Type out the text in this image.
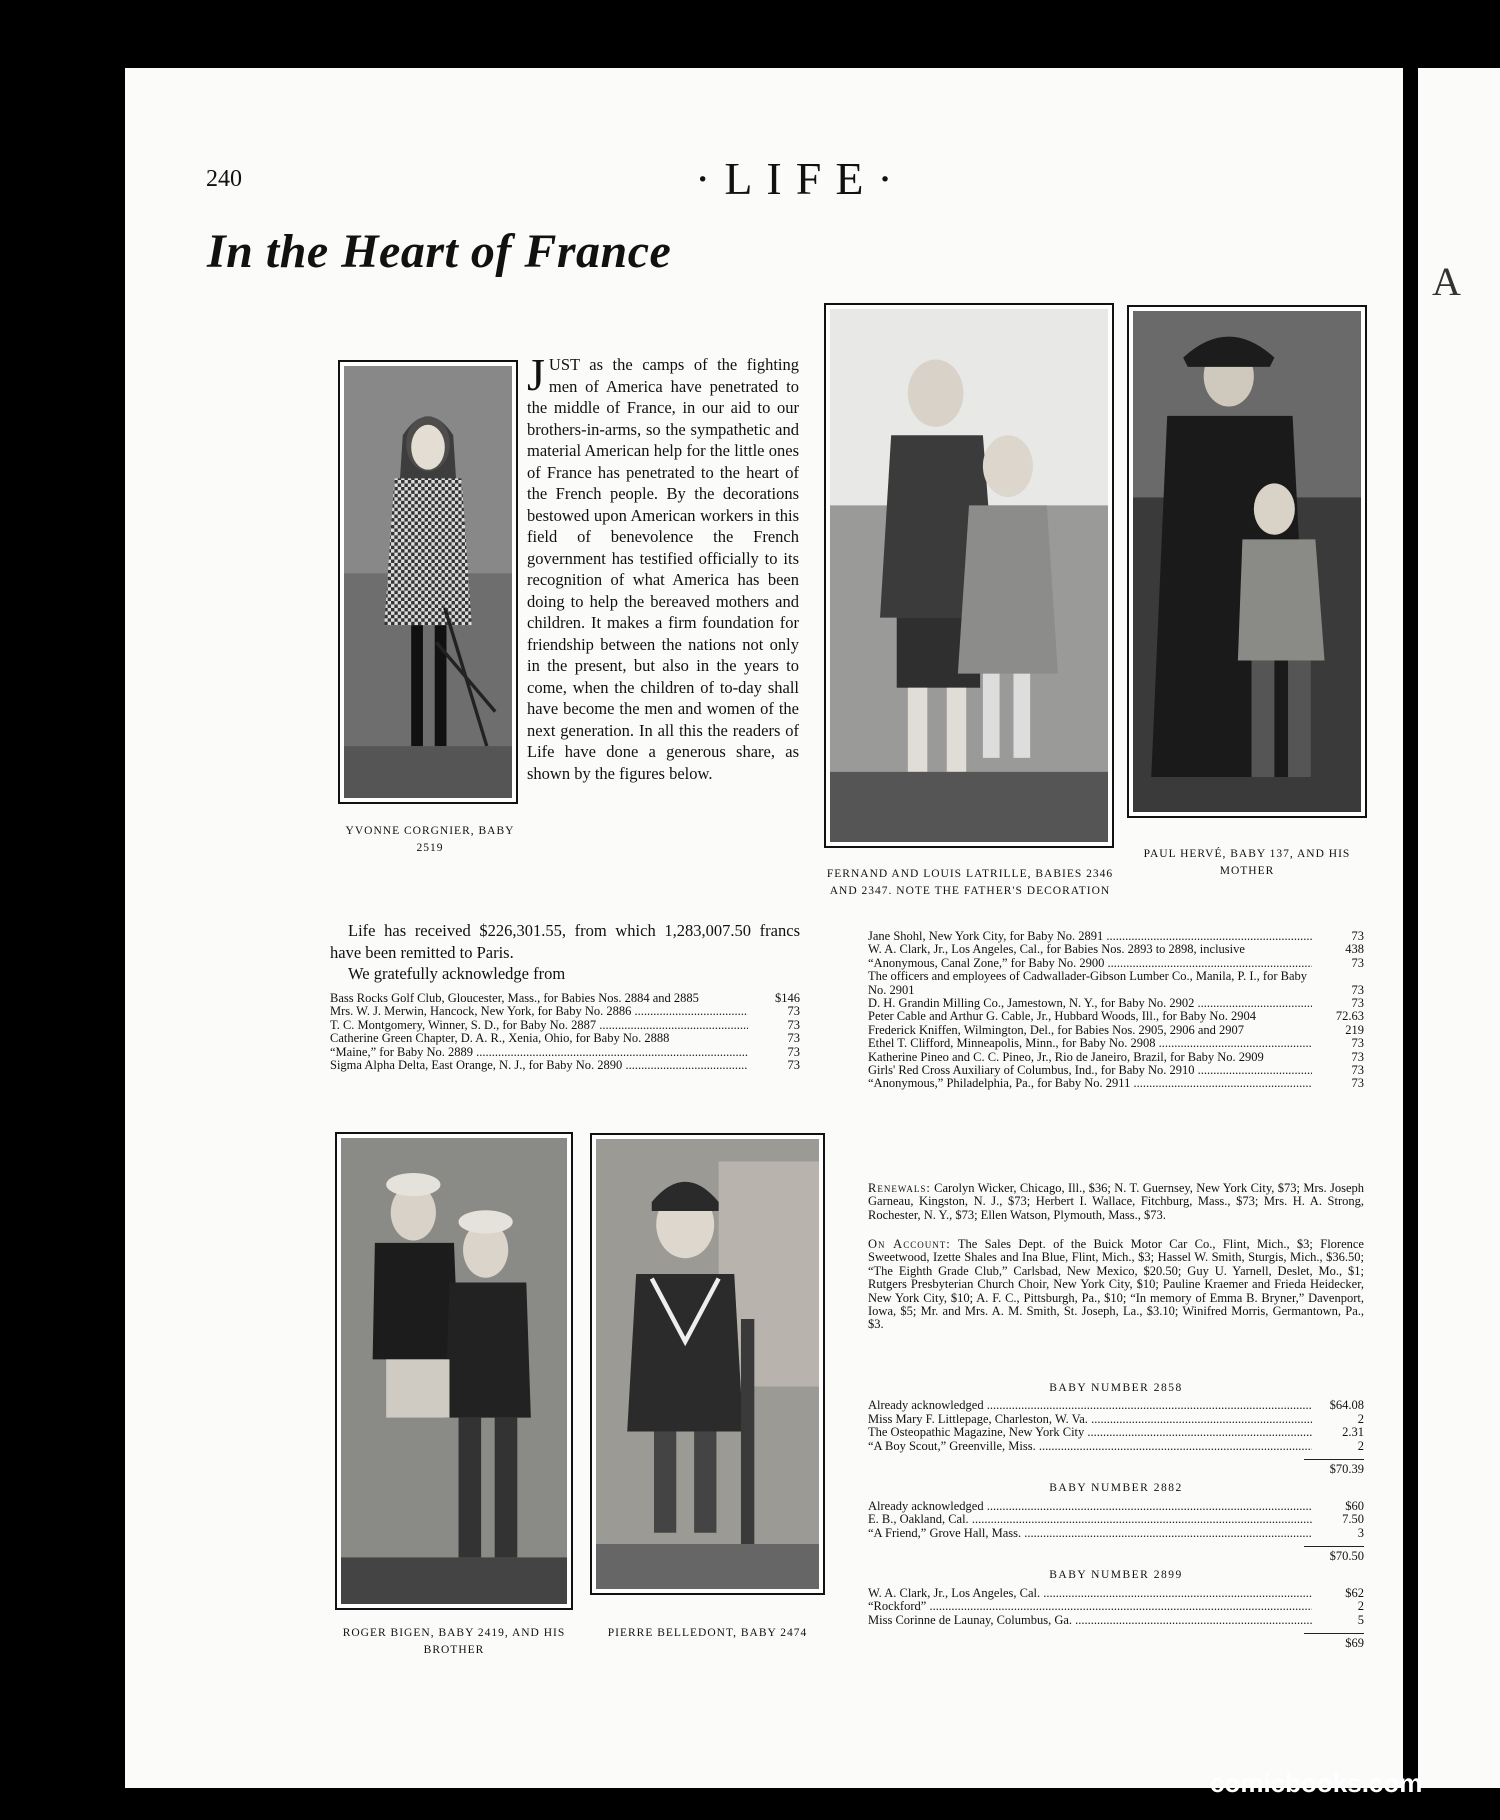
A
240	·LIFE·
In the Heart of France
YVONNE CORGNIER, BABY 2519

JUST as the camps of the fighting men of America have penetrated to the middle of France, in our aid to our brothers-in-arms, so the sympathetic and material American help for the little ones of France has penetrated to the heart of the French people. By the decorations bestowed upon American workers in this field of benevolence the French government has testified officially to its recognition of what America has been doing to help the bereaved mothers and children. It makes a firm foundation for friendship between the nations not only in the present, but also in the years to come, when the children of to-day shall have become the men and women of the next generation. In all this the readers of Life have done a generous share, as shown by the figures below.

Life has received $226,301.55, from which 1,283,007.50 francs have been remitted to Paris.

We gratefully acknowledge from

Bass Rocks Golf Club, Gloucester, Mass., for Babies Nos. 2884 and 2885	$146
Mrs. W. J. Merwin, Hancock, New York, for Baby No. 2886 .....	73
T. C. Montgomery, Winner, S. D., for Baby No. 2887 .....	73
Catherine Green Chapter, D. A. R., Xenia, Ohio, for Baby No. 2888	73
“Maine,” for Baby No. 2889 .....	73
Sigma Alpha Delta, East Orange, N. J., for Baby No. 2890 .....	73
FERNAND AND LOUIS LATRILLE, BABIES 2346 AND 2347. NOTE THE FATHER'S DECORATION
PAUL HERVÉ, BABY 137, AND HIS MOTHER
Jane Shohl, New York City, for Baby No. 2891 .....	73
W. A. Clark, Jr., Los Angeles, Cal., for Babies Nos. 2893 to 2898, inclusive	438
“Anonymous, Canal Zone,” for Baby No. 2900 .....	73
The officers and employees of Cadwallader-Gibson Lumber Co., Manila, P. I., for Baby No. 2901	73
D. H. Grandin Milling Co., Jamestown, N. Y., for Baby No. 2902 .....	73
Peter Cable and Arthur G. Cable, Jr., Hubbard Woods, Ill., for Baby No. 2904	72.63
Frederick Kniffen, Wilmington, Del., for Babies Nos. 2905, 2906 and 2907	219
Ethel T. Clifford, Minneapolis, Minn., for Baby No. 2908 .....	73
Katherine Pineo and C. C. Pineo, Jr., Rio de Janeiro, Brazil, for Baby No. 2909	73
Girls' Red Cross Auxiliary of Columbus, Ind., for Baby No. 2910 .....	73
“Anonymous,” Philadelphia, Pa., for Baby No. 2911 .....	73
Renewals: Carolyn Wicker, Chicago, Ill., $36; N. T. Guernsey, New York City, $73; Mrs. Joseph Garneau, Kingston, N. J., $73; Herbert I. Wallace, Fitchburg, Mass., $73; Mrs. H. A. Strong, Rochester, N. Y., $73; Ellen Watson, Plymouth, Mass., $73.
On Account: The Sales Dept. of the Buick Motor Car Co., Flint, Mich., $3; Florence Sweetwood, Izette Shales and Ina Blue, Flint, Mich., $3; Hassel W. Smith, Sturgis, Mich., $36.50; “The Eighth Grade Club,” Carlsbad, New Mexico, $20.50; Guy U. Yarnell, Deslet, Mo., $1; Rutgers Presbyterian Church Choir, New York City, $10; Pauline Kraemer and Frieda Heidecker, New York City, $10; A. F. C., Pittsburgh, Pa., $10; “In memory of Emma B. Bryner,” Davenport, Iowa, $5; Mr. and Mrs. A. M. Smith, St. Joseph, La., $3.10; Winifred Morris, Germantown, Pa., $3.
BABY NUMBER 2858
Already acknowledged .....	$64.08
Miss Mary F. Littlepage, Charleston, W. Va. .....	2
The Osteopathic Magazine, New York City .....	2.31
“A Boy Scout,” Greenville, Miss. .....	2
$70.39
BABY NUMBER 2882
Already acknowledged .....	$60
E. B., Oakland, Cal. .....	7.50
“A Friend,” Grove Hall, Mass. .....	3
$70.50
BABY NUMBER 2899
W. A. Clark, Jr., Los Angeles, Cal. .....	$62
“Rockford” .....	2
Miss Corinne de Launay, Columbus, Ga. .....	5
$69
ROGER BIGEN, BABY 2419, AND HIS BROTHER
PIERRE BELLEDONT, BABY 2474
comicbooks.com
